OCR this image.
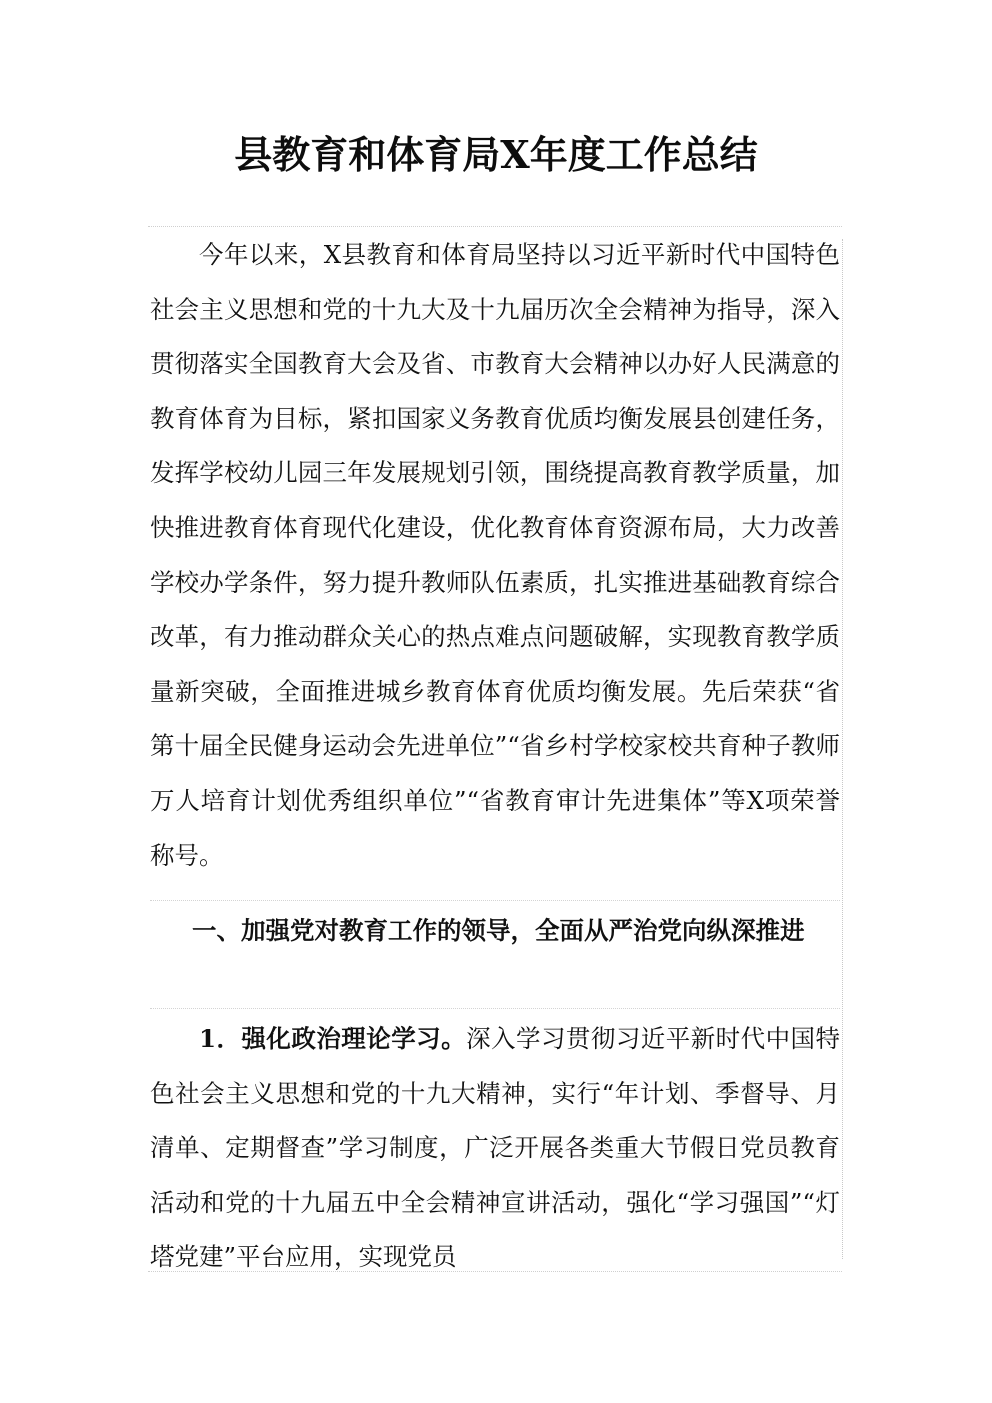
县教育和体育局X年度工作总结

今年以来，X县教育和体育局坚持以习近平新时代中国特色社会主义思想和党的十九大及十九届历次全会精神为指导，深入贯彻落实全国教育大会及省、市教育大会精神以办好人民满意的教育体育为目标，紧扣国家义务教育优质均衡发展县创建任务，发挥学校幼儿园三年发展规划引领，围绕提高教育教学质量，加快推进教育体育现代化建设，优化教育体育资源布局，大力改善学校办学条件，努力提升教师队伍素质，扎实推进基础教育综合改革，有力推动群众关心的热点难点问题破解，实现教育教学质量新突破，全面推进城乡教育体育优质均衡发展。先后荣获“省第十届全民健身运动会先进单位”“省乡村学校家校共育种子教师万人培育计划优秀组织单位”“省教育审计先进集体”等X项荣誉称号。

一、加强党对教育工作的领导，全面从严治党向纵深推进

1．强化政治理论学习。深入学习贯彻习近平新时代中国特色社会主义思想和党的十九大精神，实行“年计划、季督导、月清单、定期督查”学习制度，广泛开展各类重大节假日党员教育活动和党的十九届五中全会精神宣讲活动，强化“学习强国”“灯塔党建”平台应用，实现党员
